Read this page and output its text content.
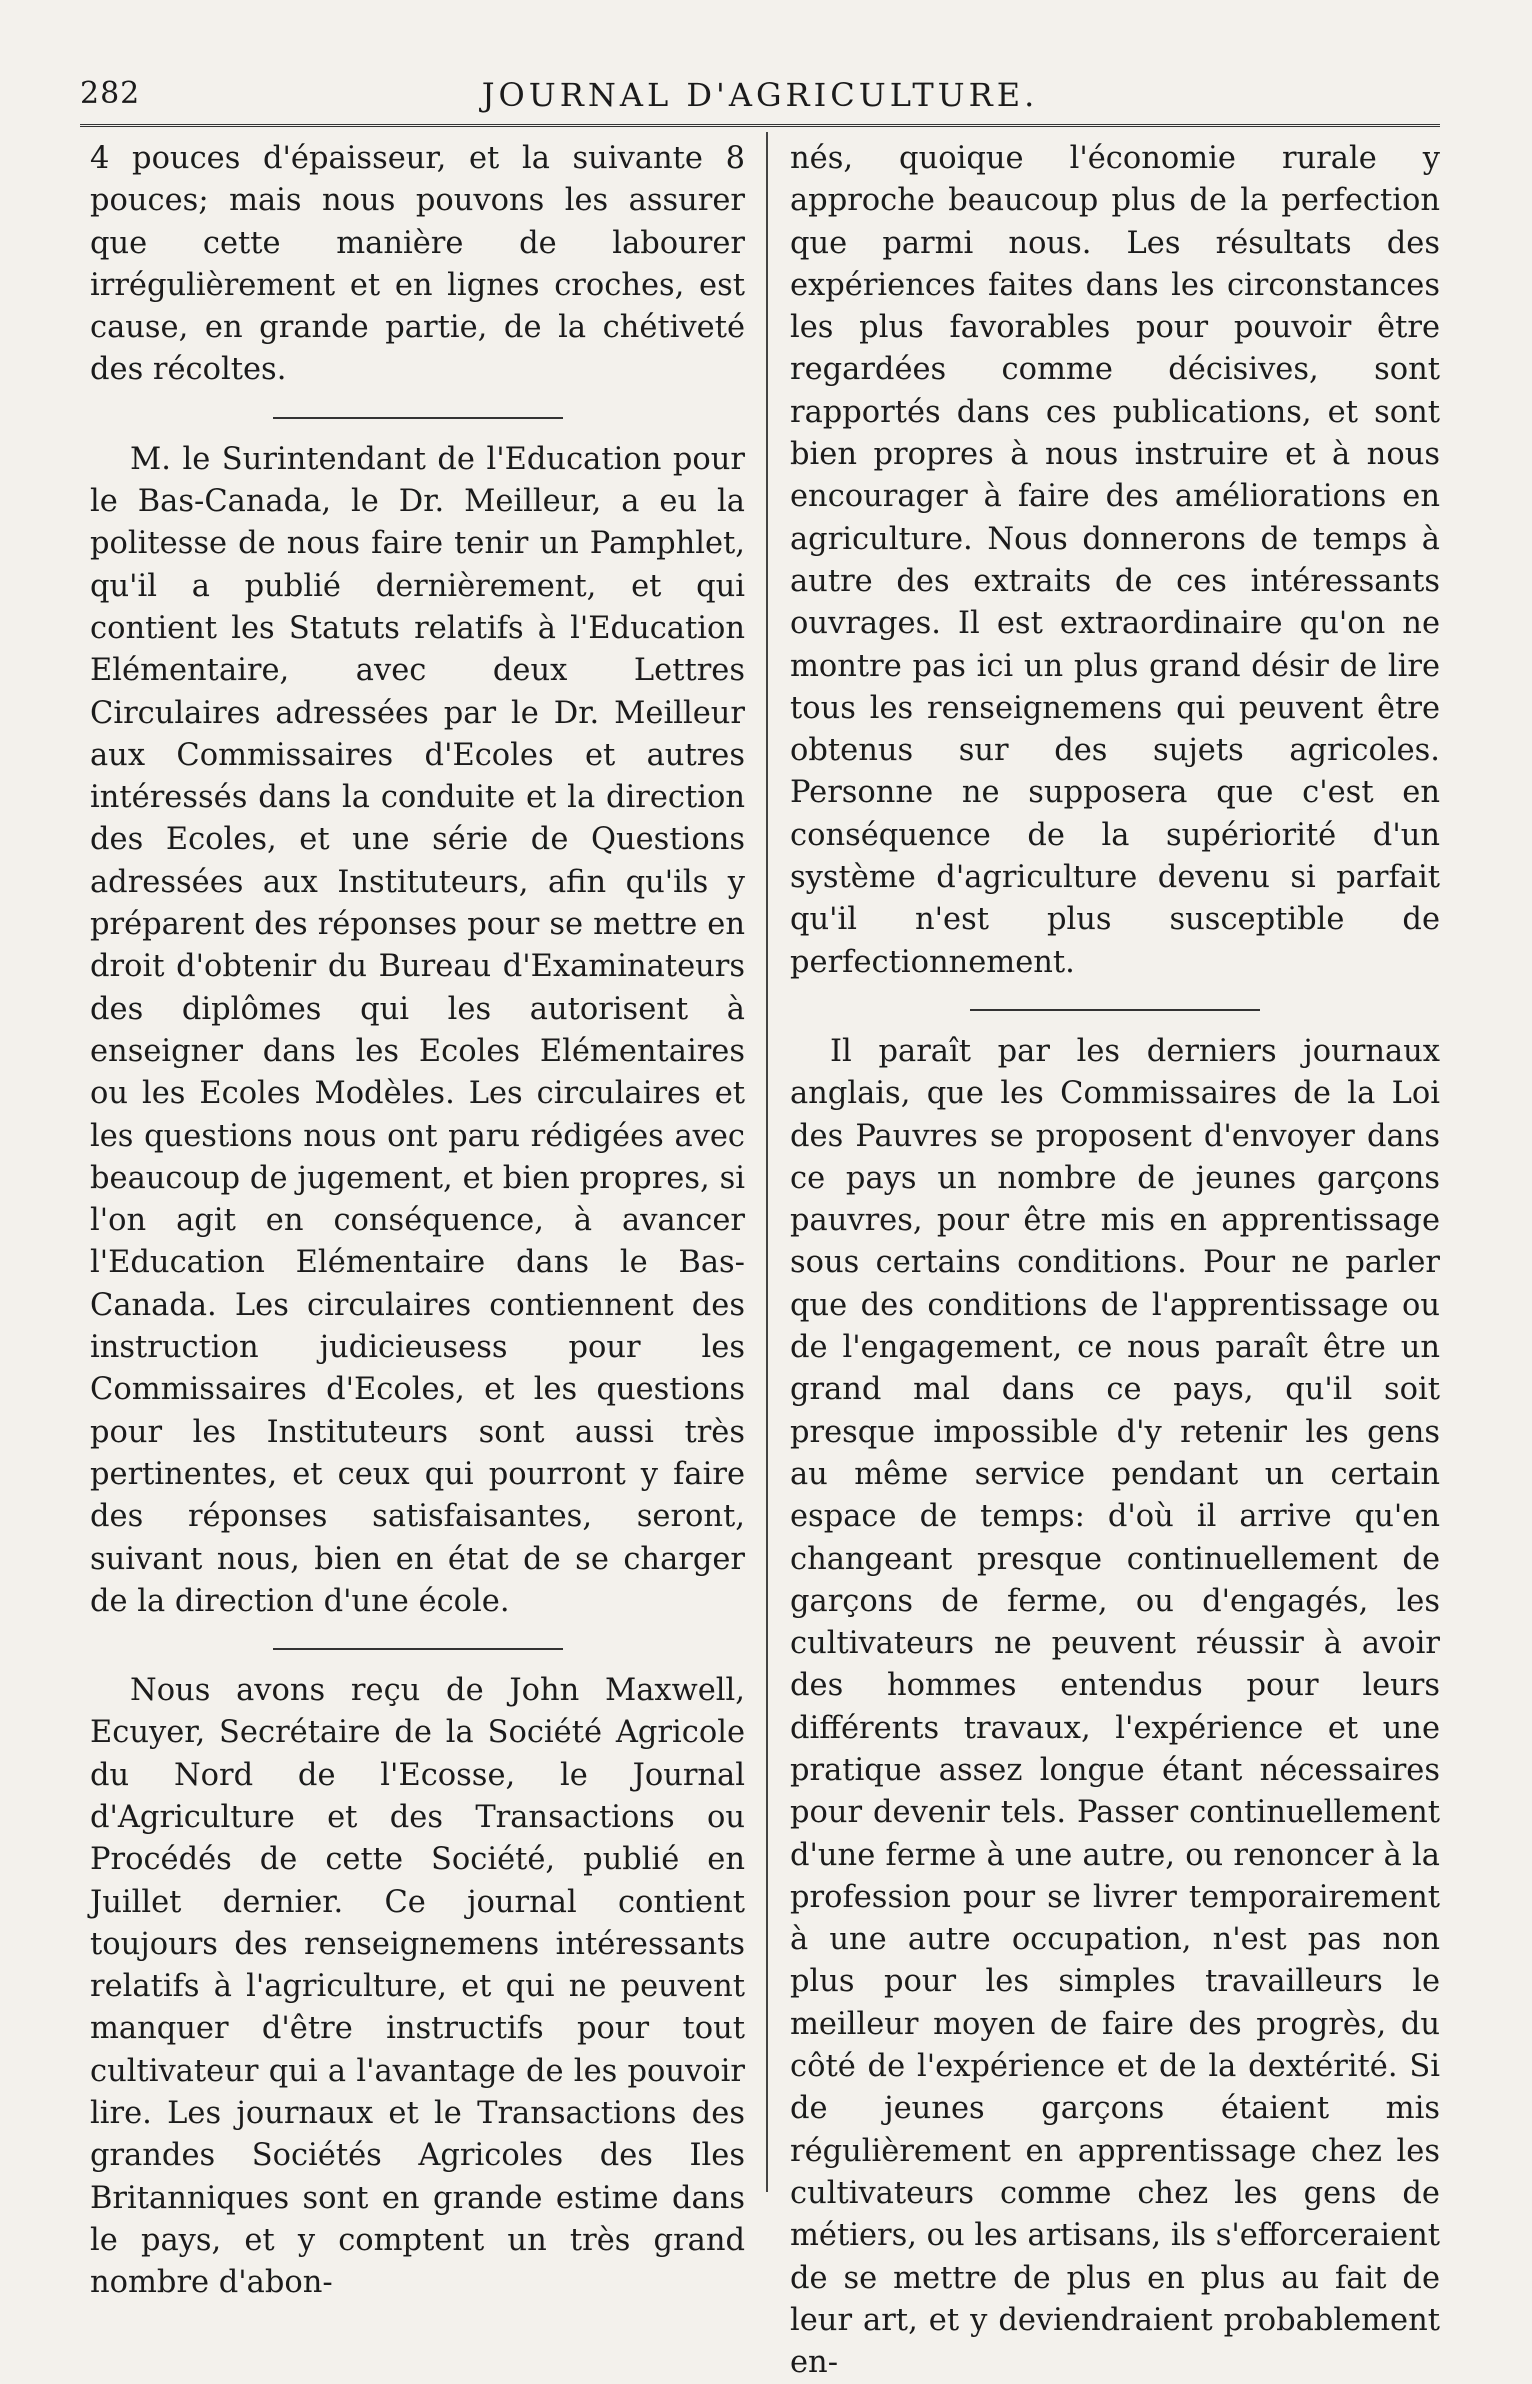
282	JOURNAL D'AGRICULTURE.

4 pouces d'épaisseur, et la suivante 8 pouces; mais nous pouvons les assurer que cette manière de labourer irrégulièrement et en lignes croches, est cause, en grande partie, de la chétiveté des récoltes.

M. le Surintendant de l'Education pour le Bas-Canada, le Dr. Meilleur, a eu la politesse de nous faire tenir un Pamphlet, qu'il a publié dernièrement, et qui contient les Statuts relatifs à l'Education Elémentaire, avec deux Lettres Circulaires adressées par le Dr. Meilleur aux Commissaires d'Ecoles et autres intéressés dans la conduite et la direction des Ecoles, et une série de Questions adressées aux Instituteurs, afin qu'ils y préparent des réponses pour se mettre en droit d'obtenir du Bureau d'Examinateurs des diplômes qui les autorisent à enseigner dans les Ecoles Elémentaires ou les Ecoles Modèles. Les circulaires et les questions nous ont paru rédigées avec beaucoup de jugement, et bien propres, si l'on agit en conséquence, à avancer l'Education Elémentaire dans le Bas-Canada. Les circulaires contiennent des instruction judicieusess pour les Commissaires d'Ecoles, et les questions pour les Instituteurs sont aussi très pertinentes, et ceux qui pourront y faire des réponses satisfaisantes, seront, suivant nous, bien en état de se charger de la direction d'une école.

Nous avons reçu de John Maxwell, Ecuyer, Secrétaire de la Société Agricole du Nord de l'Ecosse, le Journal d'Agriculture et des Transactions ou Procédés de cette Société, publié en Juillet dernier. Ce journal contient toujours des renseignemens intéressants relatifs à l'agriculture, et qui ne peuvent manquer d'être instructifs pour tout cultivateur qui a l'avantage de les pouvoir lire. Les journaux et le Transactions des grandes Sociétés Agricoles des Iles Britanniques sont en grande estime dans le pays, et y comptent un très grand nombre d'abon-

nés, quoique l'économie rurale y approche beaucoup plus de la perfection que parmi nous. Les résultats des expériences faites dans les circonstances les plus favorables pour pouvoir être regardées comme décisives, sont rapportés dans ces publications, et sont bien propres à nous instruire et à nous encourager à faire des améliorations en agriculture. Nous donnerons de temps à autre des extraits de ces intéressants ouvrages. Il est extraordinaire qu'on ne montre pas ici un plus grand désir de lire tous les renseignemens qui peuvent être obtenus sur des sujets agricoles. Personne ne supposera que c'est en conséquence de la supériorité d'un système d'agriculture devenu si parfait qu'il n'est plus susceptible de perfectionnement.

Il paraît par les derniers journaux anglais, que les Commissaires de la Loi des Pauvres se proposent d'envoyer dans ce pays un nombre de jeunes garçons pauvres, pour être mis en apprentissage sous certains conditions. Pour ne parler que des conditions de l'apprentissage ou de l'engagement, ce nous paraît être un grand mal dans ce pays, qu'il soit presque impossible d'y retenir les gens au même service pendant un certain espace de temps: d'où il arrive qu'en changeant presque continuellement de garçons de ferme, ou d'engagés, les cultivateurs ne peuvent réussir à avoir des hommes entendus pour leurs différents travaux, l'expérience et une pratique assez longue étant nécessaires pour devenir tels. Passer continuellement d'une ferme à une autre, ou renoncer à la profession pour se livrer temporairement à une autre occupation, n'est pas non plus pour les simples travailleurs le meilleur moyen de faire des progrès, du côté de l'expérience et de la dextérité. Si de jeunes garçons étaient mis régulièrement en apprentissage chez les cultivateurs comme chez les gens de métiers, ou les artisans, ils s'efforceraient de se mettre de plus en plus au fait de leur art, et y deviendraient probablement en-
